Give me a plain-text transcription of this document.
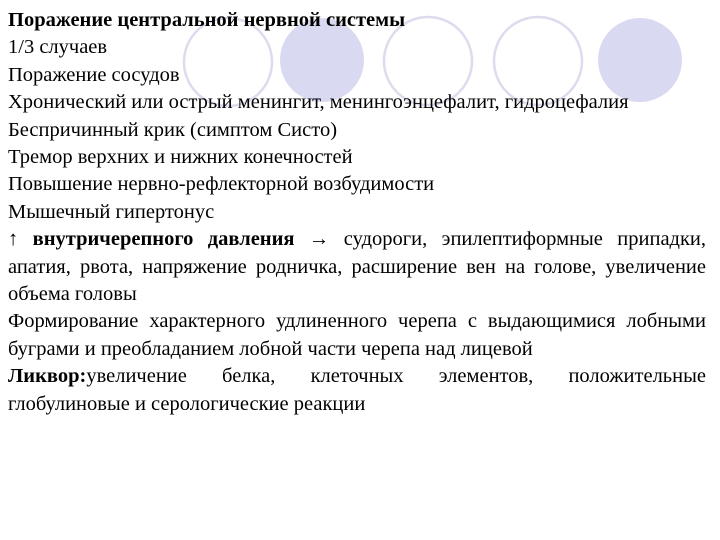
Поражение центральной нервной системы

1/3 случаев

Поражение сосудов

Хронический или острый менингит, менингоэнцефалит, гидроцефалия

Беспричинный крик (симптом Систо)

Тремор верхних и нижних конечностей

Повышение нервно-рефлекторной возбудимости

Мышечный гипертонус

↑ внутричерепного давления → судороги, эпилептиформные припадки, апатия, рвота, напряжение родничка, расширение вен на голове, увеличение объема головы

Формирование характерного удлиненного черепа с выдающимися лобными буграми и преобладанием лобной части черепа над лицевой

Ликвор:увеличение белка, клеточных элементов, положительные глобулиновые и серологические реакции
